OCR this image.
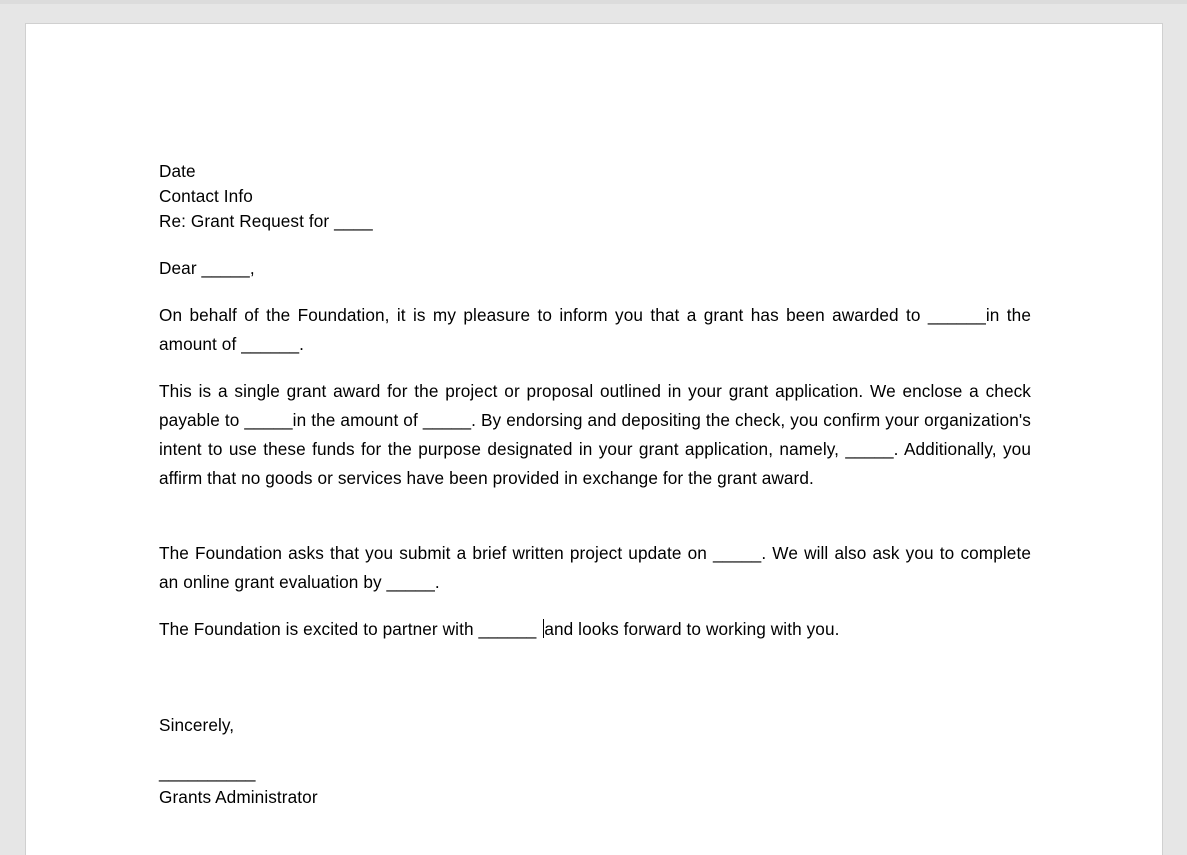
Date
Contact Info
Re: Grant Request for ____
Dear _____,
On behalf of the Foundation, it is my pleasure to inform you that a grant has been awarded to ______in the amount of ______.
This is a single grant award for the project or proposal outlined in your grant application. We enclose a check payable to _____in the amount of _____. By endorsing and depositing the check, you confirm your organization's intent to use these funds for the purpose designated in your grant application, namely, _____. Additionally, you affirm that no goods or services have been provided in exchange for the grant award.
The Foundation asks that you submit a brief written project update on _____. We will also ask you to complete an online grant evaluation by _____.
The Foundation is excited to partner with ______ and looks forward to working with you.
Sincerely,
__________
Grants Administrator
